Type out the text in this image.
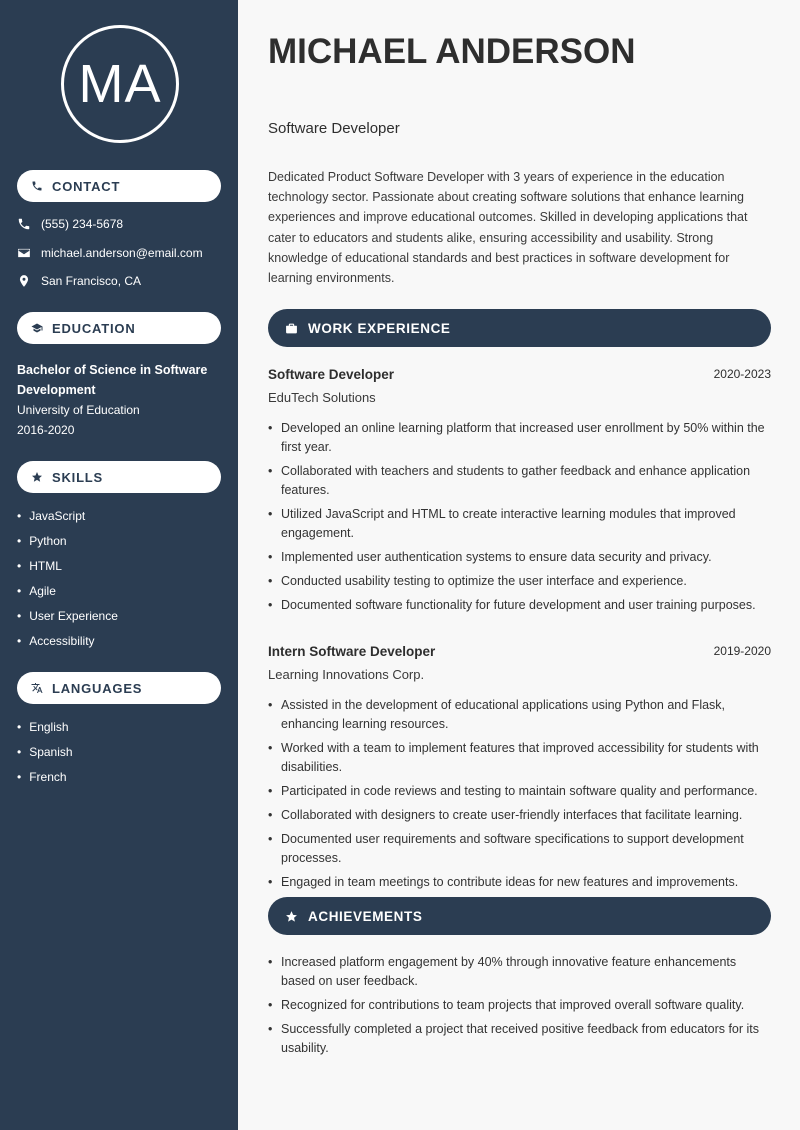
MA
CONTACT
(555) 234-5678
michael.anderson@email.com
San Francisco, CA
EDUCATION
Bachelor of Science in Software Development
University of Education
2016-2020
SKILLS
• JavaScript
• Python
• HTML
• Agile
• User Experience
• Accessibility
LANGUAGES
• English
• Spanish
• French
MICHAEL ANDERSON
Software Developer
Dedicated Product Software Developer with 3 years of experience in the education technology sector. Passionate about creating software solutions that enhance learning experiences and improve educational outcomes. Skilled in developing applications that cater to educators and students alike, ensuring accessibility and usability. Strong knowledge of educational standards and best practices in software development for learning environments.
WORK EXPERIENCE
Software Developer	2020-2023
EduTech Solutions
• Developed an online learning platform that increased user enrollment by 50% within the first year.
• Collaborated with teachers and students to gather feedback and enhance application features.
• Utilized JavaScript and HTML to create interactive learning modules that improved engagement.
• Implemented user authentication systems to ensure data security and privacy.
• Conducted usability testing to optimize the user interface and experience.
• Documented software functionality for future development and user training purposes.
Intern Software Developer	2019-2020
Learning Innovations Corp.
• Assisted in the development of educational applications using Python and Flask, enhancing learning resources.
• Worked with a team to implement features that improved accessibility for students with disabilities.
• Participated in code reviews and testing to maintain software quality and performance.
• Collaborated with designers to create user-friendly interfaces that facilitate learning.
• Documented user requirements and software specifications to support development processes.
• Engaged in team meetings to contribute ideas for new features and improvements.
ACHIEVEMENTS
• Increased platform engagement by 40% through innovative feature enhancements based on user feedback.
• Recognized for contributions to team projects that improved overall software quality.
• Successfully completed a project that received positive feedback from educators for its usability.
